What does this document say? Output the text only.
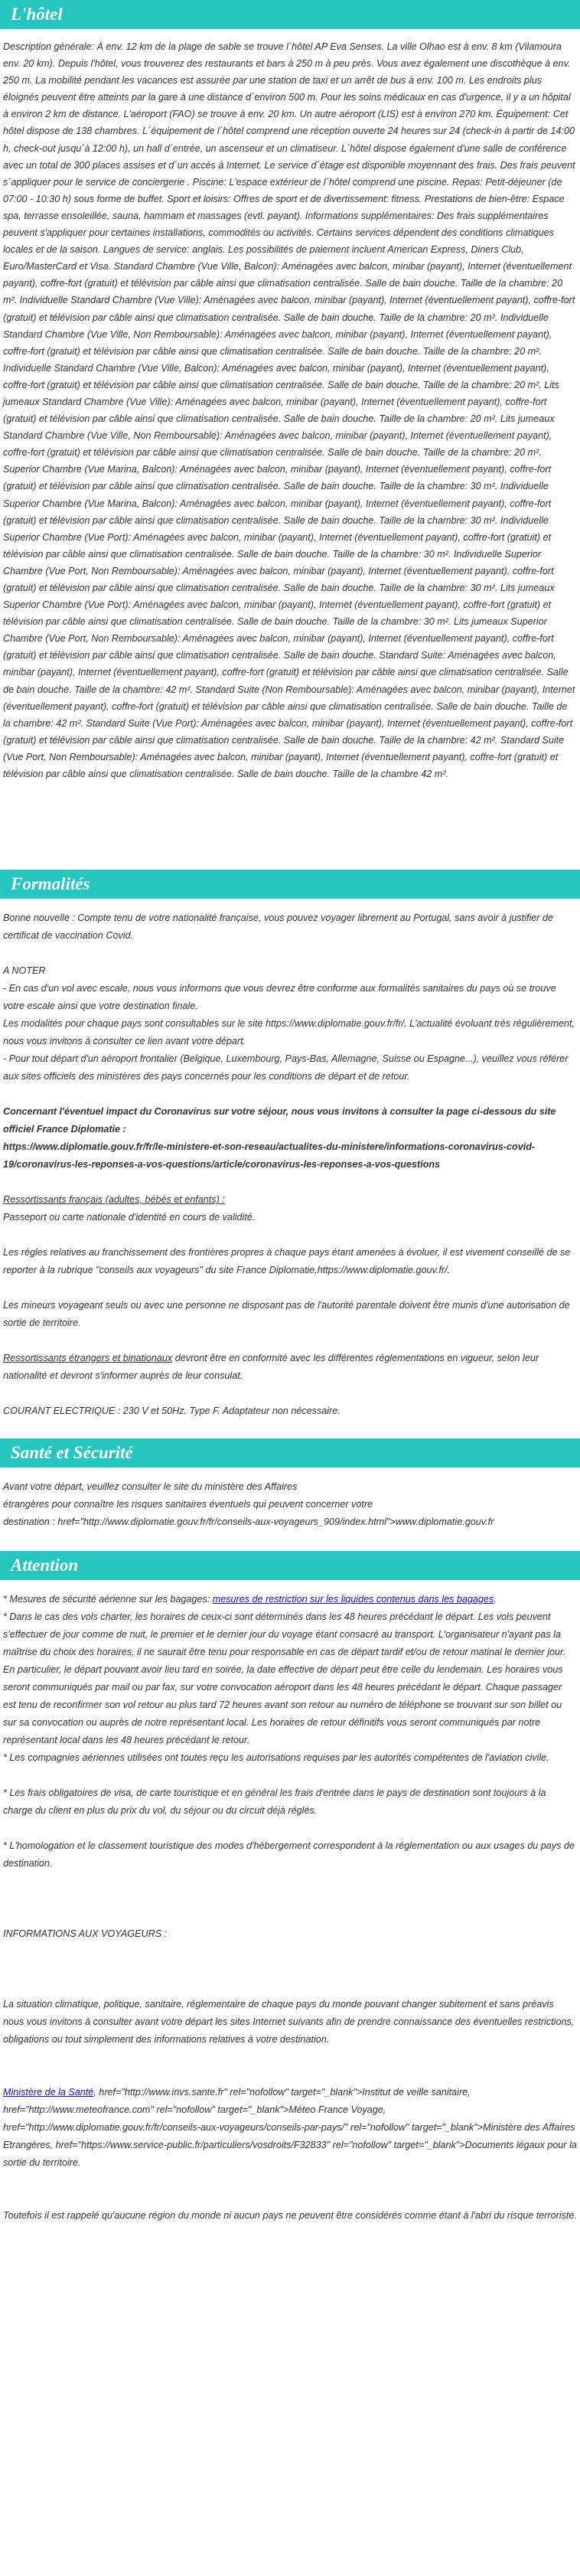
L'hôtel

Description générale: À env. 12 km de la plage de sable se trouve l´hôtel AP Eva Senses. La ville Olhao est à env. 8 km (Vilamoura env. 20 km). Depuis l'hôtel, vous trouverez des restaurants et bars à 250 m à peu près. Vous avez également une discothèque à env. 250 m. La mobilité pendant les vacances est assurée par une station de taxi et un arrêt de bus à env. 100 m. Les endroits plus éloignés peuvent être atteints par la gare à une distance d´environ 500 m. Pour les soins médicaux en cas d'urgence, il y a un hôpital à environ 2 km de distance. L'aéroport (FAO) se trouve à env. 20 km. Un autre aéroport (LIS) est à environ 270 km. Équipement: Cet hôtel dispose de 138 chambres. L´équipement de l´hôtel comprend une réception ouverte 24 heures sur 24 (check-in à partir de 14:00 h, check-out jusqu´à 12:00 h), un hall d´entrée, un ascenseur et un climatiseur. L´hôtel dispose également d'une salle de conférence avec un total de 300 places assises et d´un accès à Internet. Le service d´étage est disponible moyennant des frais. Des frais peuvent s´appliquer pour le service de conciergerie . Piscine: L'espace extérieur de l´hôtel comprend une piscine. Repas: Petit-déjeuner (de 07:00 - 10:30 h) sous forme de buffet. Sport et loisirs: Offres de sport et de divertissement: fitness. Prestations de bien-être: Espace spa, terrasse ensoleillée, sauna, hammam et massages (evtl. payant). Informations supplémentaires: Des frais supplémentaires peuvent s'appliquer pour certaines installations, commodités ou activités. Certains services dépendent des conditions climatiques locales et de la saison. Langues de service: anglais. Les possibilités de paiement incluent American Express, Diners Club, Euro/MasterCard et Visa. Standard Chambre (Vue Ville, Balcon): Aménagées avec balcon, minibar (payant), Internet (éventuellement payant), coffre-fort (gratuit) et télévision par câble ainsi que climatisation centralisée. Salle de bain douche. Taille de la chambre: 20 m². Individuelle Standard Chambre (Vue Ville): Aménagées avec balcon, minibar (payant), Internet (éventuellement payant), coffre-fort (gratuit) et télévision par câble ainsi que climatisation centralisée. Salle de bain douche. Taille de la chambre: 20 m². Individuelle Standard Chambre (Vue Ville, Non Remboursable): Aménagées avec balcon, minibar (payant), Internet (éventuellement payant), coffre-fort (gratuit) et télévision par câble ainsi que climatisation centralisée. Salle de bain douche. Taille de la chambre: 20 m². Individuelle Standard Chambre (Vue Ville, Balcon): Aménagées avec balcon, minibar (payant), Internet (éventuellement payant), coffre-fort (gratuit) et télévision par câble ainsi que climatisation centralisée. Salle de bain douche. Taille de la chambre: 20 m². Lits jumeaux Standard Chambre (Vue Ville): Aménagées avec balcon, minibar (payant), Internet (éventuellement payant), coffre-fort (gratuit) et télévision par câble ainsi que climatisation centralisée. Salle de bain douche. Taille de la chambre: 20 m². Lits jumeaux Standard Chambre (Vue Ville, Non Remboursable): Aménagées avec balcon, minibar (payant), Internet (éventuellement payant), coffre-fort (gratuit) et télévision par câble ainsi que climatisation centralisée. Salle de bain douche. Taille de la chambre: 20 m². Superior Chambre (Vue Marina, Balcon): Aménagées avec balcon, minibar (payant), Internet (éventuellement payant), coffre-fort (gratuit) et télévision par câble ainsi que climatisation centralisée. Salle de bain douche. Taille de la chambre: 30 m². Individuelle Superior Chambre (Vue Marina, Balcon): Aménagées avec balcon, minibar (payant), Internet (éventuellement payant), coffre-fort (gratuit) et télévision par câble ainsi que climatisation centralisée. Salle de bain douche. Taille de la chambre: 30 m². Individuelle Superior Chambre (Vue Port): Aménagées avec balcon, minibar (payant), Internet (éventuellement payant), coffre-fort (gratuit) et télévision par câble ainsi que climatisation centralisée. Salle de bain douche. Taille de la chambre: 30 m². Individuelle Superior Chambre (Vue Port, Non Remboursable): Aménagées avec balcon, minibar (payant), Internet (éventuellement payant), coffre-fort (gratuit) et télévision par câble ainsi que climatisation centralisée. Salle de bain douche. Taille de la chambre: 30 m². Lits jumeaux Superior Chambre (Vue Port): Aménagées avec balcon, minibar (payant), Internet (éventuellement payant), coffre-fort (gratuit) et télévision par câble ainsi que climatisation centralisée. Salle de bain douche. Taille de la chambre: 30 m². Lits jumeaux Superior Chambre (Vue Port, Non Remboursable): Aménagées avec balcon, minibar (payant), Internet (éventuellement payant), coffre-fort (gratuit) et télévision par câble ainsi que climatisation centralisée. Salle de bain douche. Standard Suite: Aménagées avec balcon, minibar (payant), Internet (éventuellement payant), coffre-fort (gratuit) et télévision par câble ainsi que climatisation centralisée. Salle de bain douche. Taille de la chambre: 42 m². Standard Suite (Non Remboursable): Aménagées avec balcon, minibar (payant), Internet (éventuellement payant), coffre-fort (gratuit) et télévision par câble ainsi que climatisation centralisée. Salle de bain douche. Taille de la chambre: 42 m². Standard Suite (Vue Port): Aménagées avec balcon, minibar (payant), Internet (éventuellement payant), coffre-fort (gratuit) et télévision par câble ainsi que climatisation centralisée. Salle de bain douche. Taille de la chambre: 42 m². Standard Suite (Vue Port, Non Remboursable): Aménagées avec balcon, minibar (payant), Internet (éventuellement payant), coffre-fort (gratuit) et télévision par câble ainsi que climatisation centralisée. Salle de bain douche. Taille de la chambre 42 m².

Formalités

Bonne nouvelle : Compte tenu de votre nationalité française, vous pouvez voyager librement au Portugal, sans avoir à justifier de certificat de vaccination Covid.

A NOTER

- En cas d'un vol avec escale, nous vous informons que vous devrez être conforme aux formalités sanitaires du pays où se trouve votre escale ainsi que votre destination finale.

Les modalités pour chaque pays sont consultables sur le site https://www.diplomatie.gouv.fr/fr/. L'actualité évoluant très régulièrement, nous vous invitons à consulter ce lien avant votre départ.

- Pour tout départ d'un aéroport frontalier (Belgique, Luxembourg, Pays-Bas, Allemagne, Suisse ou Espagne...), veuillez vous référer aux sites officiels des ministères des pays concernés pour les conditions de départ et de retour.

Concernant l'éventuel impact du Coronavirus sur votre séjour, nous vous invitons à consulter la page ci-dessous du site officiel France Diplomatie :

https://www.diplomatie.gouv.fr/fr/le-ministere-et-son-reseau/actualites-du-ministere/informations-coronavirus-covid-19/coronavirus-les-reponses-a-vos-questions/article/coronavirus-les-reponses-a-vos-questions

Ressortissants français (adultes, bébés et enfants) :

Passeport ou carte nationale d'identité en cours de validité.

Les règles relatives au franchissement des frontières propres à chaque pays étant amenées à évoluer, il est vivement conseillé de se reporter à la rubrique "conseils aux voyageurs" du site France Diplomatie,https://www.diplomatie.gouv.fr/.

Les mineurs voyageant seuls ou avec une personne ne disposant pas de l'autorité parentale doivent être munis d'une autorisation de sortie de territoire.

Ressortissants étrangers et binationaux devront être en conformité avec les différentes réglementations en vigueur, selon leur nationalité et devront s'informer auprès de leur consulat.

COURANT ELECTRIQUE : 230 V et 50Hz. Type F. Adaptateur non nécessaire.

Santé et Sécurité

Avant votre départ, veuillez consulter le site du ministère des Affaires

étrangères pour connaître les risques sanitaires éventuels qui peuvent concerner votre

destination : href="http://www.diplomatie.gouv.fr/fr/conseils-aux-voyageurs_909/index.html">www.diplomatie.gouv.fr

Attention

* Mesures de sécurité aérienne sur les bagages: mesures de restriction sur les liquides contenus dans les bagages.

* Dans le cas des vols charter, les horaires de ceux-ci sont déterminés dans les 48 heures précédant le départ. Les vols peuvent s'effectuer de jour comme de nuit, le premier et le dernier jour du voyage étant consacré au transport. L'organisateur n'ayant pas la maîtrise du choix des horaires, il ne saurait être tenu pour responsable en cas de départ tardif et/ou de retour matinal le dernier jour. En particulier, le départ pouvant avoir lieu tard en soirée, la date effective de départ peut être celle du lendemain. Les horaires vous seront communiqués par mail ou par fax, sur votre convocation aéroport dans les 48 heures précédant le départ. Chaque passager est tenu de reconfirmer son vol retour au plus tard 72 heures avant son retour au numéro de téléphone se trouvant sur son billet ou sur sa convocation ou auprès de notre représentant local. Les horaires de retour définitifs vous seront communiqués par notre représentant local dans les 48 heures précédant le retour.

* Les compagnies aériennes utilisées ont toutes reçu les autorisations requises par les autorités compétentes de l'aviation civile.

* Les frais obligatoires de visa, de carte touristique et en général les frais d'entrée dans le pays de destination sont toujours à la charge du client en plus du prix du vol, du séjour ou du circuit déjà réglés.

* L'homologation et le classement touristique des modes d'hébergement correspondent à la réglementation ou aux usages du pays de destination.

INFORMATIONS AUX VOYAGEURS :

La situation climatique, politique, sanitaire, réglementaire de chaque pays du monde pouvant changer subitement et sans préavis

nous vous invitons à consulter avant votre départ les sites Internet suivants afin de prendre connaissance des éventuelles restrictions, obligations ou tout simplement des informations relatives à votre destination.

Ministère de la Santé, href="http://www.invs.sante.fr" rel="nofollow" target="_blank">Institut de veille sanitaire, href="http://www.meteofrance.com" rel="nofollow" target="_blank">Méteo France Voyage, href="http://www.diplomatie.gouv.fr/fr/conseils-aux-voyageurs/conseils-par-pays/" rel="nofollow" target="_blank">Ministère des Affaires Etrangères, href="https://www.service-public.fr/particuliers/vosdroits/F32833" rel="nofollow" target="_blank">Documents légaux pour la sortie du territoire.

Toutefois il est rappelé qu'aucune région du monde ni aucun pays ne peuvent être considérés comme étant à l'abri du risque terroriste.
